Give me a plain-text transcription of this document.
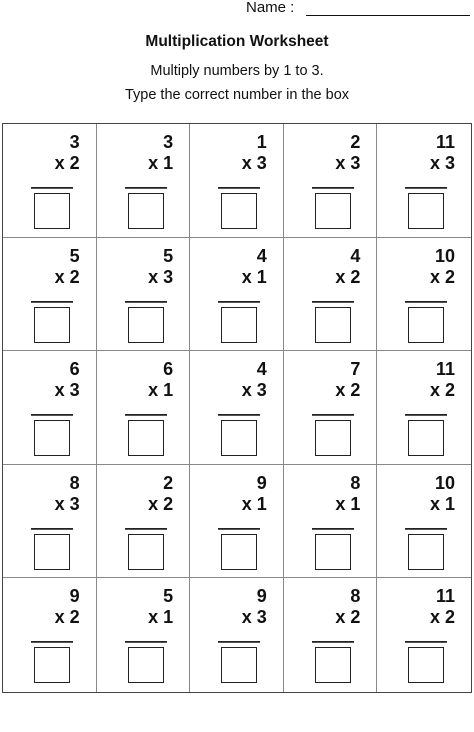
Name :
Multiplication Worksheet
Multiply numbers by 1 to 3.
Type the correct number in the box
3
x 2
3
x 1
1
x 3
2
x 3
11
x 3
5
x 2
5
x 3
4
x 1
4
x 2
10
x 2
6
x 3
6
x 1
4
x 3
7
x 2
11
x 2
8
x 3
2
x 2
9
x 1
8
x 1
10
x 1
9
x 2
5
x 1
9
x 3
8
x 2
11
x 2
